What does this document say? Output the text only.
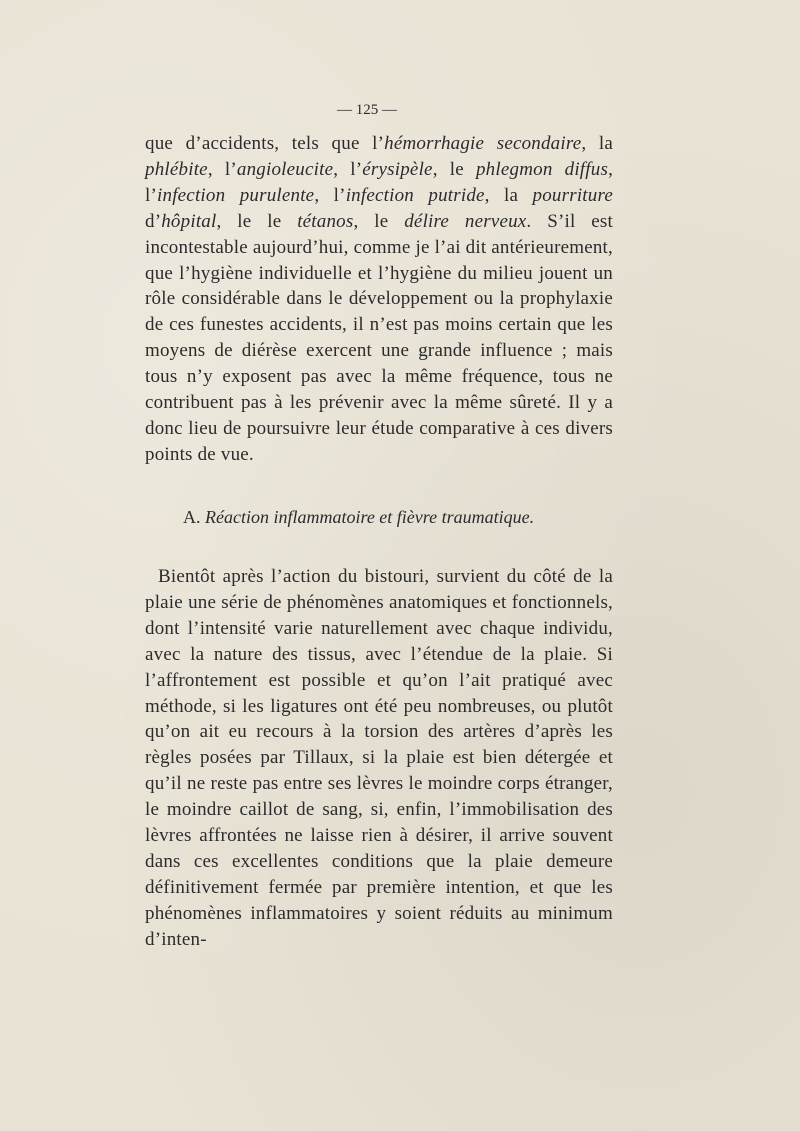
— 125 —
que d’accidents, tels que l’hémorrhagie secondaire, la phlébite, l’angioleucite, l’érysipèle, le phlegmon diffus, l’infection purulente, l’infection putride, la pourriture d’hôpital, le le tétanos, le délire nerveux. S’il est incontestable aujourd’hui, comme je l’ai dit antérieurement, que l’hygiène individuelle et l’hygiène du milieu jouent un rôle considérable dans le développement ou la prophylaxie de ces funestes accidents, il n’est pas moins certain que les moyens de diérèse exercent une grande influence ; mais tous n’y exposent pas avec la même fréquence, tous ne contribuent pas à les prévenir avec la même sûreté. Il y a donc lieu de poursuivre leur étude comparative à ces divers points de vue.
A. Réaction inflammatoire et fièvre traumatique.
Bientôt après l’action du bistouri, survient du côté de la plaie une série de phénomènes anatomiques et fonctionnels, dont l’intensité varie naturellement avec chaque individu, avec la nature des tissus, avec l’étendue de la plaie. Si l’affrontement est possible et qu’on l’ait pratiqué avec méthode, si les ligatures ont été peu nombreuses, ou plutôt qu’on ait eu recours à la torsion des artères d’après les règles posées par Tillaux, si la plaie est bien détergée et qu’il ne reste pas entre ses lèvres le moindre corps étranger, le moindre caillot de sang, si, enfin, l’immobilisation des lèvres affrontées ne laisse rien à désirer, il arrive souvent dans ces excellentes conditions que la plaie demeure définitivement fermée par première intention, et que les phénomènes inflammatoires y soient réduits au minimum d’inten-
